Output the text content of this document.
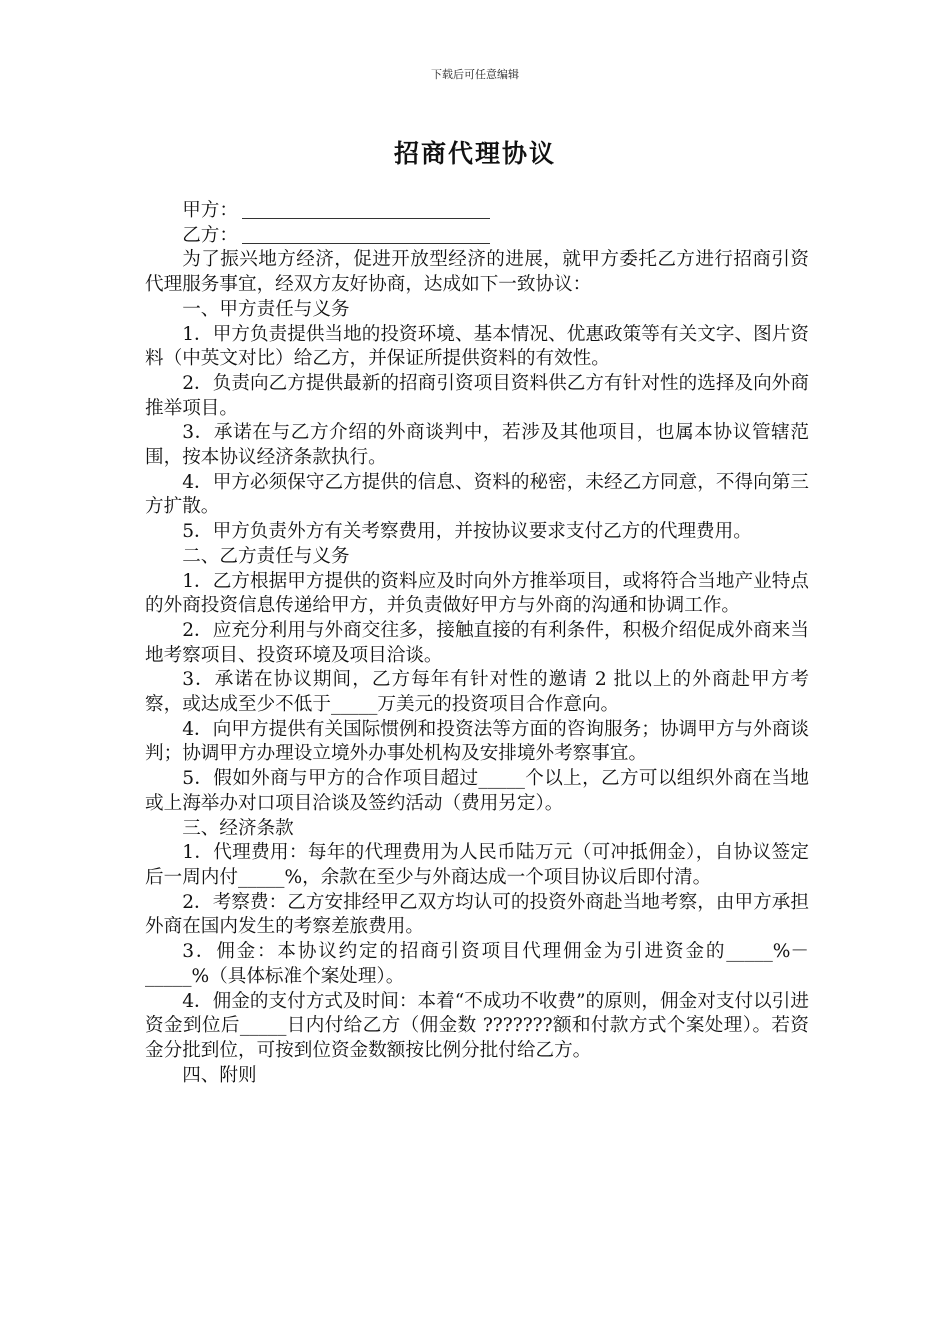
下载后可任意编辑
招商代理协议

甲方：

乙方：

为了振兴地方经济，促进开放型经济的进展，就甲方委托乙方进行招商引资代理服务事宜，经双方友好协商，达成如下一致协议：

一、甲方责任与义务

1．甲方负责提供当地的投资环境、基本情况、优惠政策等有关文字、图片资料（中英文对比）给乙方，并保证所提供资料的有效性。

2．负责向乙方提供最新的招商引资项目资料供乙方有针对性的选择及向外商推举项目。

3．承诺在与乙方介绍的外商谈判中，若涉及其他项目，也属本协议管辖范围，按本协议经济条款执行。

4．甲方必须保守乙方提供的信息、资料的秘密，未经乙方同意，不得向第三方扩散。

5．甲方负责外方有关考察费用，并按协议要求支付乙方的代理费用。

二、乙方责任与义务

1．乙方根据甲方提供的资料应及时向外方推举项目，或将符合当地产业特点的外商投资信息传递给甲方，并负责做好甲方与外商的沟通和协调工作。

2．应充分利用与外商交往多，接触直接的有利条件，积极介绍促成外商来当地考察项目、投资环境及项目洽谈。

3．承诺在协议期间，乙方每年有针对性的邀请 2 批以上的外商赴甲方考察，或达成至少不低于_____万美元的投资项目合作意向。

4．向甲方提供有关国际惯例和投资法等方面的咨询服务；协调甲方与外商谈判；协调甲方办理设立境外办事处机构及安排境外考察事宜。

5．假如外商与甲方的合作项目超过_____个以上，乙方可以组织外商在当地或上海举办对口项目洽谈及签约活动（费用另定）。

三、经济条款

1．代理费用：每年的代理费用为人民币陆万元（可冲抵佣金），自协议签定后一周内付_____%，余款在至少与外商达成一个项目协议后即付清。

2．考察费：乙方安排经甲乙双方均认可的投资外商赴当地考察，由甲方承担外商在国内发生的考察差旅费用。

3．佣金：本协议约定的招商引资项目代理佣金为引进资金的_____%－_____%（具体标准个案处理）。

4．佣金的支付方式及时间：本着“不成功不收费”的原则，佣金对支付以引进资金到位后_____日内付给乙方（佣金数 ???????额和付款方式个案处理）。若资金分批到位，可按到位资金数额按比例分批付给乙方。

四、附则
